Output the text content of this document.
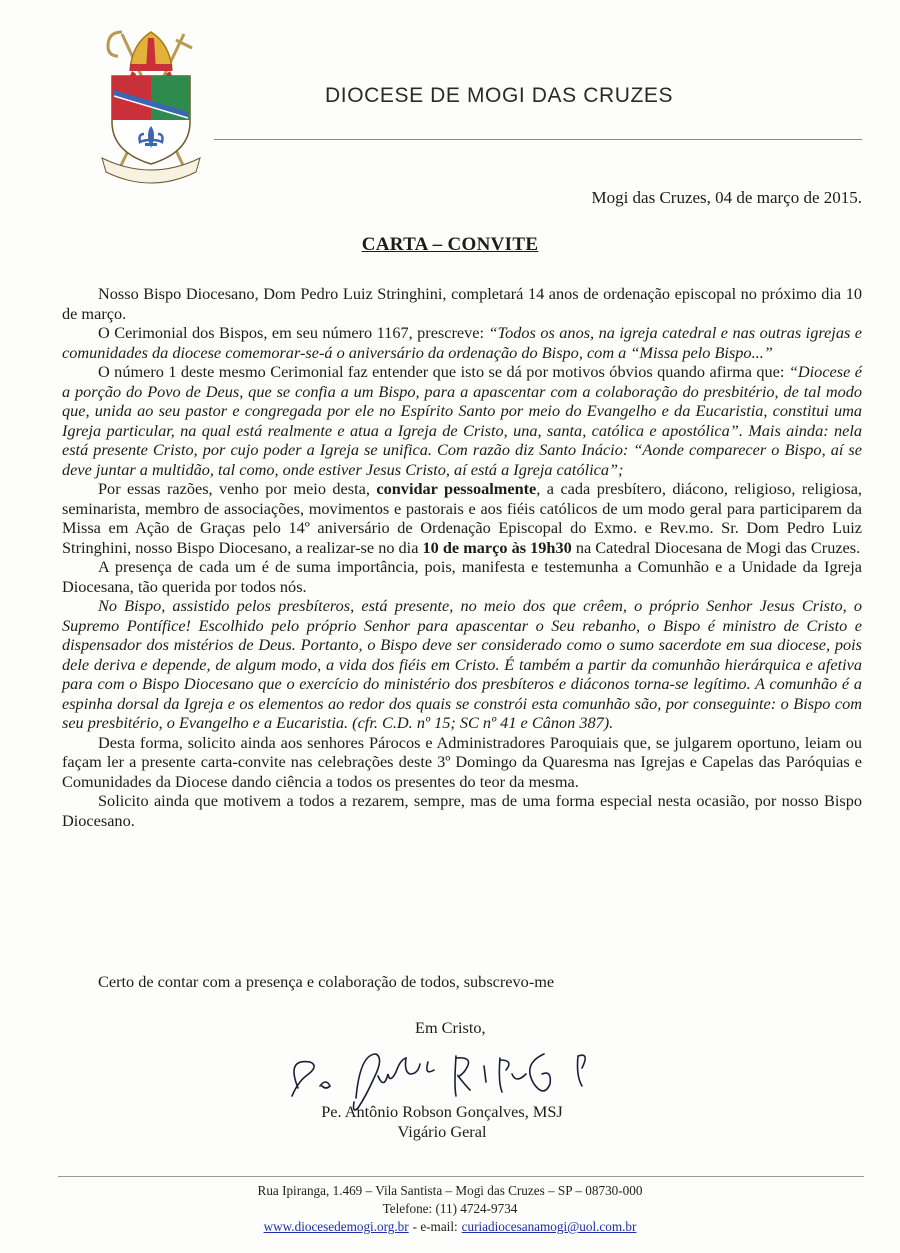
DIOCESE DE MOGI DAS CRUZES
Mogi das Cruzes, 04 de março de 2015.
CARTA – CONVITE

Nosso Bispo Diocesano, Dom Pedro Luiz Stringhini, completará 14 anos de ordenação episcopal no próximo dia 10 de março.

O Cerimonial dos Bispos, em seu número 1167, prescreve: “Todos os anos, na igreja catedral e nas outras igrejas e comunidades da diocese comemorar-se-á o aniversário da ordenação do Bispo, com a “Missa pelo Bispo...”

O número 1 deste mesmo Cerimonial faz entender que isto se dá por motivos óbvios quando afirma que: “Diocese é a porção do Povo de Deus, que se confia a um Bispo, para a apascentar com a colaboração do presbitério, de tal modo que, unida ao seu pastor e congregada por ele no Espírito Santo por meio do Evangelho e da Eucaristia, constitui uma Igreja particular, na qual está realmente e atua a Igreja de Cristo, una, santa, católica e apostólica”. Mais ainda: nela está presente Cristo, por cujo poder a Igreja se unifica. Com razão diz Santo Inácio: “Aonde comparecer o Bispo, aí se deve juntar a multidão, tal como, onde estiver Jesus Cristo, aí está a Igreja católica”;

Por essas razões, venho por meio desta, convidar pessoalmente, a cada presbítero, diácono, religioso, religiosa, seminarista, membro de associações, movimentos e pastorais e aos fiéis católicos de um modo geral para participarem da Missa em Ação de Graças pelo 14º aniversário de Ordenação Episcopal do Exmo. e Rev.mo. Sr. Dom Pedro Luiz Stringhini, nosso Bispo Diocesano, a realizar-se no dia 10 de março às 19h30 na Catedral Diocesana de Mogi das Cruzes.

A presença de cada um é de suma importância, pois, manifesta e testemunha a Comunhão e a Unidade da Igreja Diocesana, tão querida por todos nós.

No Bispo, assistido pelos presbíteros, está presente, no meio dos que crêem, o próprio Senhor Jesus Cristo, o Supremo Pontífice! Escolhido pelo próprio Senhor para apascentar o Seu rebanho, o Bispo é ministro de Cristo e dispensador dos mistérios de Deus. Portanto, o Bispo deve ser considerado como o sumo sacerdote em sua diocese, pois dele deriva e depende, de algum modo, a vida dos fiéis em Cristo. É também a partir da comunhão hierárquica e afetiva para com o Bispo Diocesano que o exercício do ministério dos presbíteros e diáconos torna-se legítimo. A comunhão é a espinha dorsal da Igreja e os elementos ao redor dos quais se constrói esta comunhão são, por conseguinte: o Bispo com seu presbitério, o Evangelho e a Eucaristia. (cfr. C.D. nº 15; SC nº 41 e Cânon 387).

Desta forma, solicito ainda aos senhores Párocos e Administradores Paroquiais que, se julgarem oportuno, leiam ou façam ler a presente carta-convite nas celebrações deste 3º Domingo da Quaresma nas Igrejas e Capelas das Paróquias e Comunidades da Diocese dando ciência a todos os presentes do teor da mesma.

Solicito ainda que motivem a todos a rezarem, sempre, mas de uma forma especial nesta ocasião, por nosso Bispo Diocesano.

Certo de contar com a presença e colaboração de todos, subscrevo-me
Em Cristo,
Pe. Antônio Robson Gonçalves, MSJ
Vigário Geral
Rua Ipiranga, 1.469 – Vila Santista – Mogi das Cruzes – SP – 08730-000
Telefone: (11) 4724-9734
www.diocesedemogi.org.br - e-mail: curiadiocesanamogi@uol.com.br
